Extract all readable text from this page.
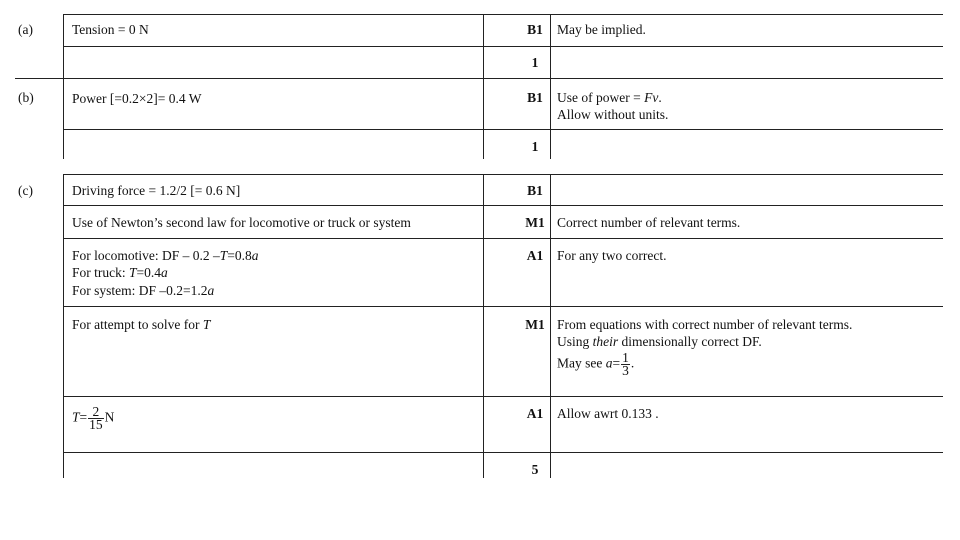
(a)	Tension = 0 N	B1	May be implied.
1
(b)	Power [=0.2×2]= 0.4 W	B1	Use of power = Fv.
Allow without units.
1
(c)	Driving force = 1.2/2 [= 0.6 N]	B1
Use of Newton’s second law for locomotive or truck or system	M1 Correct number of relevant terms.
For locomotive: DF – 0.2 –T=0.8a
For truck: T=0.4a
For system: DF –0.2=1.2a
A1	For any two correct.
For attempt to solve for T	M1 From equations with correct number of relevant terms.
Using their dimensionally correct DF.
May see $a= \frac{1}{3}$ .
$T= \frac{2}{15}$ N	A1	Allow awrt 0.133 .
5
